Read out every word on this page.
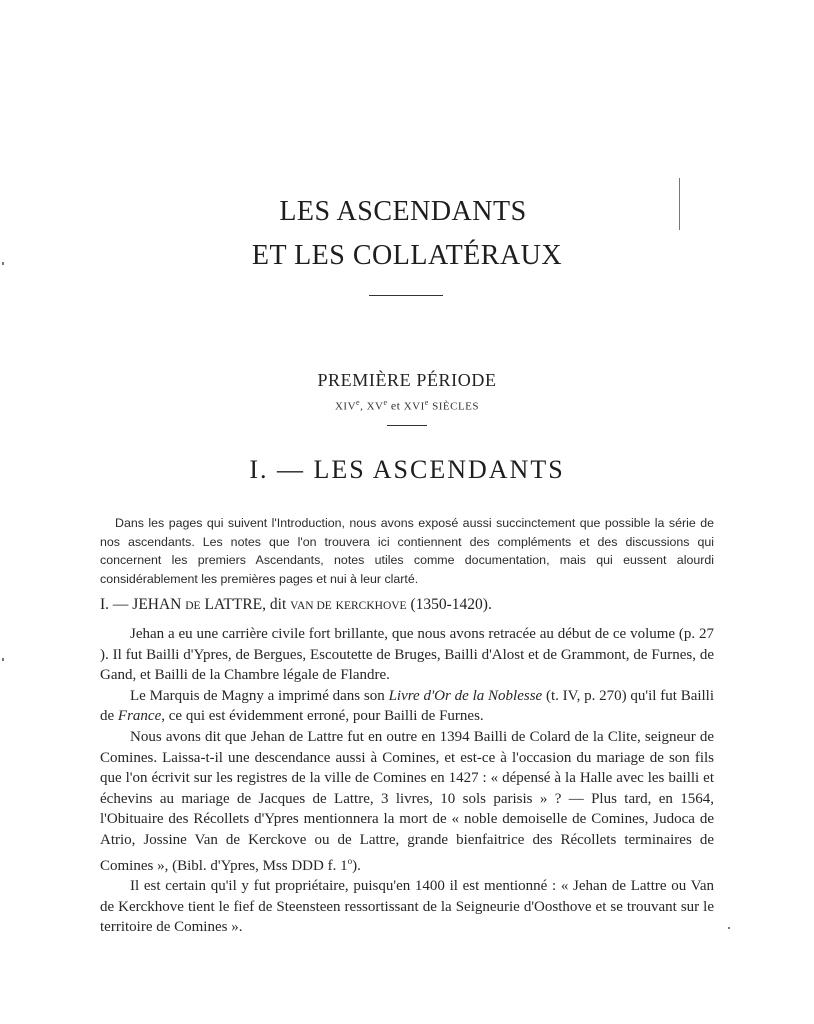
LES ASCENDANTS
ET LES COLLATÉRAUX
PREMIÈRE PÉRIODE
XIVe, XVe et XVIe SIÈCLES
I. — LES ASCENDANTS

Dans les pages qui suivent l'Introduction, nous avons exposé aussi succinctement que possible la série de nos ascendants. Les notes que l'on trouvera ici contiennent des compléments et des discussions qui concernent les premiers Ascendants, notes utiles comme documentation, mais qui eussent alourdi considérablement les premières pages et nui à leur clarté.

I. — JEHAN DE LATTRE, dit VAN DE KERCKHOVE (1350-1420).

Jehan a eu une carrière civile fort brillante, que nous avons retracée au début de ce volume (p. 27 ). Il fut Bailli d'Ypres, de Bergues, Escoutette de Bruges, Bailli d'Alost et de Grammont, de Furnes, de Gand, et Bailli de la Chambre légale de Flandre.

Le Marquis de Magny a imprimé dans son Livre d'Or de la Noblesse (t. IV, p. 270) qu'il fut Bailli de France, ce qui est évidemment erroné, pour Bailli de Furnes.

Nous avons dit que Jehan de Lattre fut en outre en 1394 Bailli de Colard de la Clite, seigneur de Comines. Laissa-t-il une descendance aussi à Comines, et est-ce à l'occasion du mariage de son fils que l'on écrivit sur les registres de la ville de Comines en 1427 : « dépensé à la Halle avec les bailli et échevins au mariage de Jacques de Lattre, 3 livres, 10 sols parisis » ? — Plus tard, en 1564, l'Obituaire des Récollets d'Ypres mentionnera la mort de « noble demoiselle de Comines, Judoca de Atrio, Jossine Van de Kerckove ou de Lattre, grande bienfaitrice des Récollets terminaires de Comines », (Bibl. d'Ypres, Mss DDD f. 1$^o$).

Il est certain qu'il y fut propriétaire, puisqu'en 1400 il est mentionné : « Jehan de Lattre ou Van de Kerckhove tient le fief de Steensteen ressortissant de la Seigneurie d'Oosthove et se trouvant sur le territoire de Comines ».
